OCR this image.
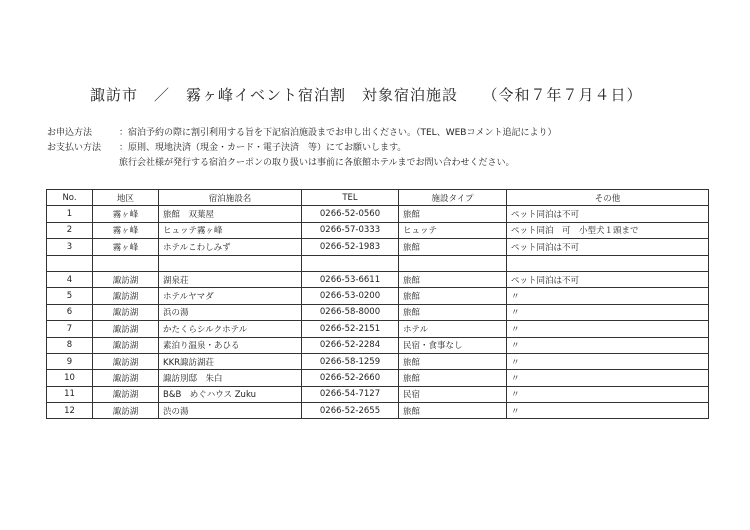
諏訪市　／　霧ヶ峰イベント宿泊割　対象宿泊施設　　（令和７年７月４日）
お申込方法	：宿泊予約の際に割引利用する旨を下記宿泊施設までお申し出ください。（TEL、WEBコメント追記により）
お支払い方法	：原則、現地決済（現金・カード・電子決済　等）にてお願いします。
旅行会社様が発行する宿泊クーポンの取り扱いは事前に各旅館ホテルまでお問い合わせください。
No.	地区	宿泊施設名	TEL	施設タイプ	その他
1	霧ヶ峰	旅館　双葉屋	0266-52-0560	旅館	ペット同泊は不可
2	霧ヶ峰	ヒュッテ霧ヶ峰	0266-57-0333	ヒュッテ	ペット同泊　可　小型犬１頭まで
3	霧ヶ峰	ホテルこわしみず	0266-52-1983	旅館	ペット同泊は不可

4	諏訪湖	湖泉荘	0266-53-6611	旅館	ペット同泊は不可
5	諏訪湖	ホテルヤマダ	0266-53-0200	旅館	〃
6	諏訪湖	浜の湯	0266-58-8000	旅館	〃
7	諏訪湖	かたくらシルクホテル	0266-52-2151	ホテル	〃
8	諏訪湖	素泊り温泉・あひる	0266-52-2284	民宿・食事なし	〃
9	諏訪湖	KKR諏訪湖荘	0266-58-1259	旅館	〃
10	諏訪湖	諏訪別邸　朱白	0266-52-2660	旅館	〃
11	諏訪湖	B&B　めぐハウス Zuku	0266-54-7127	民宿	〃
12	諏訪湖	渋の湯	0266-52-2655	旅館	〃
